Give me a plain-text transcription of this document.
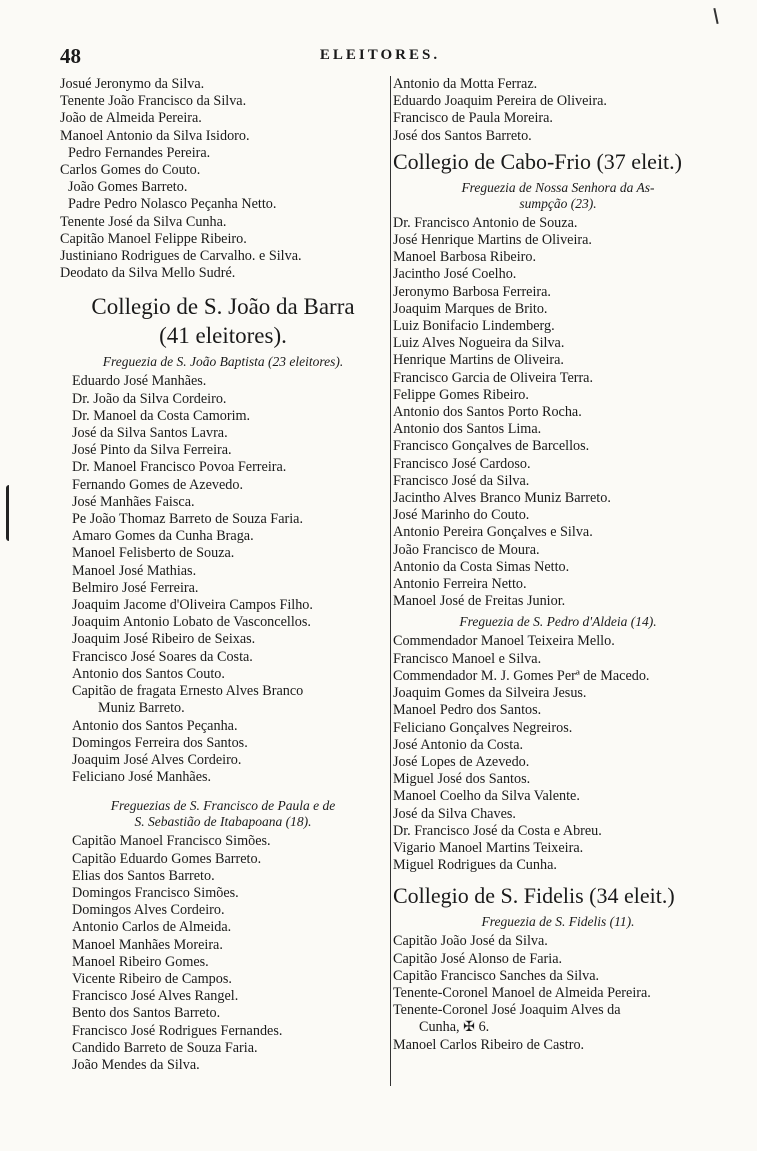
48	ELEITORES.
Josué Jeronymo da Silva.
Tenente João Francisco da Silva.
João de Almeida Pereira.
Manoel Antonio da Silva Isidoro.
Pedro Fernandes Pereira.
Carlos Gomes do Couto.
João Gomes Barreto.
Padre Pedro Nolasco Peçanha Netto.
Tenente José da Silva Cunha.
Capitão Manoel Felippe Ribeiro.
Justiniano Rodrigues de Carvalho. e Silva.
Deodato da Silva Mello Sudré.
Collegio de S. João da Barra
(41 eleitores).
Freguezia de S. João Baptista (23 eleitores).
Eduardo José Manhães.
Dr. João da Silva Cordeiro.
Dr. Manoel da Costa Camorim.
José da Silva Santos Lavra.
José Pinto da Silva Ferreira.
Dr. Manoel Francisco Povoa Ferreira.
Fernando Gomes de Azevedo.
José Manhães Faisca.
Pe João Thomaz Barreto de Souza Faria.
Amaro Gomes da Cunha Braga.
Manoel Felisberto de Souza.
Manoel José Mathias.
Belmiro José Ferreira.
Joaquim Jacome d'Oliveira Campos Filho.
Joaquim Antonio Lobato de Vasconcellos.
Joaquim José Ribeiro de Seixas.
Francisco José Soares da Costa.
Antonio dos Santos Couto.
Capitão de fragata Ernesto Alves Branco
Muniz Barreto.
Antonio dos Santos Peçanha.
Domingos Ferreira dos Santos.
Joaquim José Alves Cordeiro.
Feliciano José Manhães.
Freguezias de S. Francisco de Paula e de
S. Sebastião de Itabapoana (18).
Capitão Manoel Francisco Simões.
Capitão Eduardo Gomes Barreto.
Elias dos Santos Barreto.
Domingos Francisco Simões.
Domingos Alves Cordeiro.
Antonio Carlos de Almeida.
Manoel Manhães Moreira.
Manoel Ribeiro Gomes.
Vicente Ribeiro de Campos.
Francisco José Alves Rangel.
Bento dos Santos Barreto.
Francisco José Rodrigues Fernandes.
Candido Barreto de Souza Faria.
João Mendes da Silva.
Antonio da Motta Ferraz.
Eduardo Joaquim Pereira de Oliveira.
Francisco de Paula Moreira.
José dos Santos Barreto.
Collegio de Cabo-Frio (37 eleit.)
Freguezia de Nossa Senhora da As-
sumpção (23).
Dr. Francisco Antonio de Souza.
José Henrique Martins de Oliveira.
Manoel Barbosa Ribeiro.
Jacintho José Coelho.
Jeronymo Barbosa Ferreira.
Joaquim Marques de Brito.
Luiz Bonifacio Lindemberg.
Luiz Alves Nogueira da Silva.
Henrique Martins de Oliveira.
Francisco Garcia de Oliveira Terra.
Felippe Gomes Ribeiro.
Antonio dos Santos Porto Rocha.
Antonio dos Santos Lima.
Francisco Gonçalves de Barcellos.
Francisco José Cardoso.
Francisco José da Silva.
Jacintho Alves Branco Muniz Barreto.
José Marinho do Couto.
Antonio Pereira Gonçalves e Silva.
João Francisco de Moura.
Antonio da Costa Simas Netto.
Antonio Ferreira Netto.
Manoel José de Freitas Junior.
Freguezia de S. Pedro d'Aldeia (14).
Commendador Manoel Teixeira Mello.
Francisco Manoel e Silva.
Commendador M. J. Gomes Perª de Macedo.
Joaquim Gomes da Silveira Jesus.
Manoel Pedro dos Santos.
Feliciano Gonçalves Negreiros.
José Antonio da Costa.
José Lopes de Azevedo.
Miguel José dos Santos.
Manoel Coelho da Silva Valente.
José da Silva Chaves.
Dr. Francisco José da Costa e Abreu.
Vigario Manoel Martins Teixeira.
Miguel Rodrigues da Cunha.
Collegio de S. Fidelis (34 eleit.)
Freguezia de S. Fidelis (11).
Capitão João José da Silva.
Capitão José Alonso de Faria.
Capitão Francisco Sanches da Silva.
Tenente-Coronel Manoel de Almeida Pereira.
Tenente-Coronel José Joaquim Alves da
Cunha, ✠ 6.
Manoel Carlos Ribeiro de Castro.
